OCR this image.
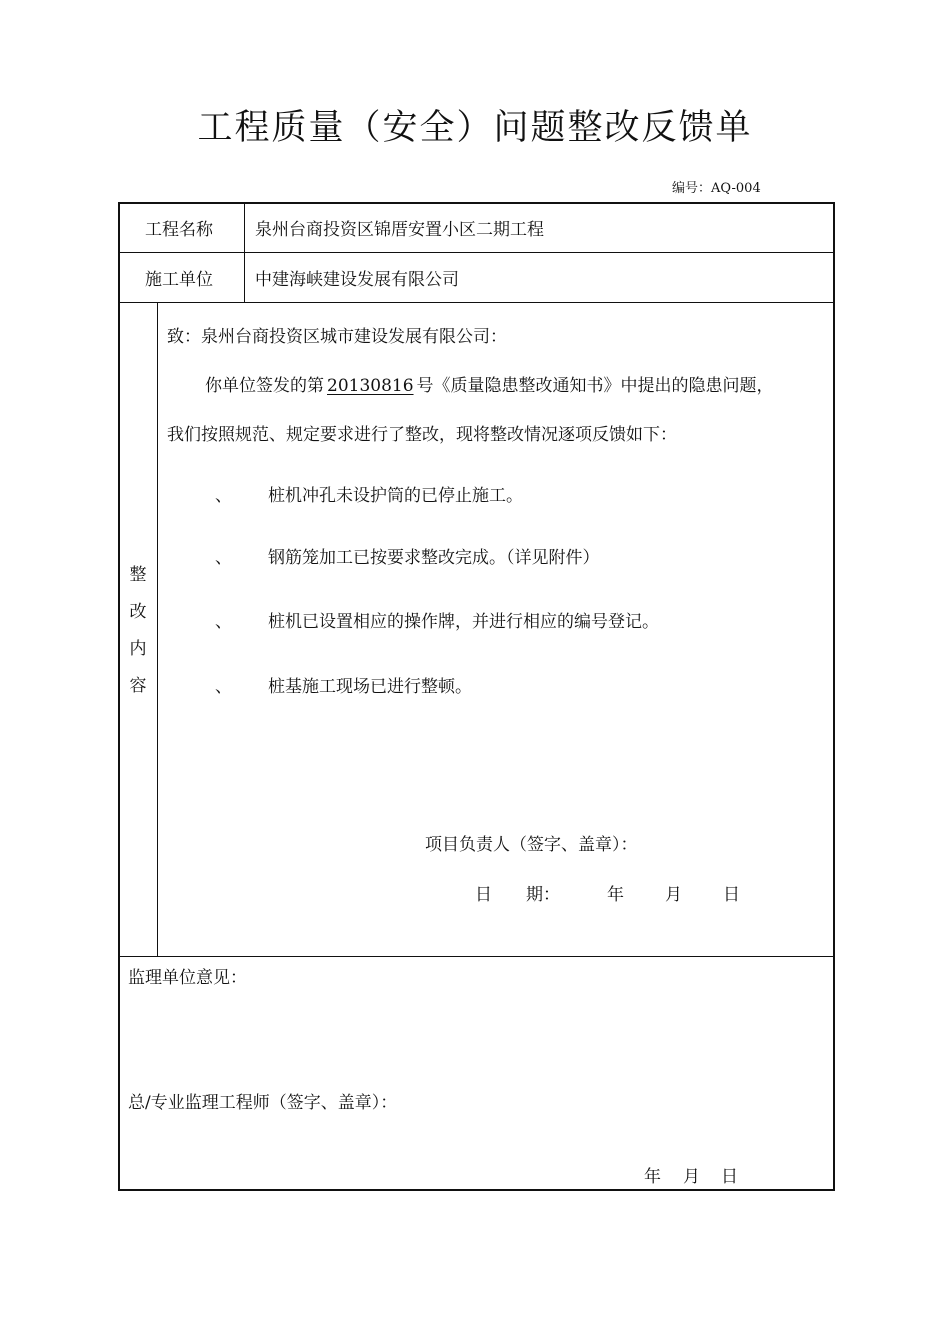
工程质量（安全）问题整改反馈单
编号：AQ-004
工程名称 泉州台商投资区锦厝安置小区二期工程
施工单位 中建海峡建设发展有限公司
整
改
内
容
致：泉州台商投资区城市建设发展有限公司：
你单位签发的第 20130816 号《质量隐患整改通知书》中提出的隐患问题，
我们按照规范、规定要求进行了整改，现将整改情况逐项反馈如下：
、 桩机冲孔未设护筒的已停止施工。
、 钢筋笼加工已按要求整改完成。（详见附件）
、 桩机已设置相应的操作牌，并进行相应的编号登记。
、 桩基施工现场已进行整顿。
项目负责人（签字、盖章）：
日　　期：	年 月 日
监理单位意见：
总/专业监理工程师（签字、盖章）：
年 月 日
